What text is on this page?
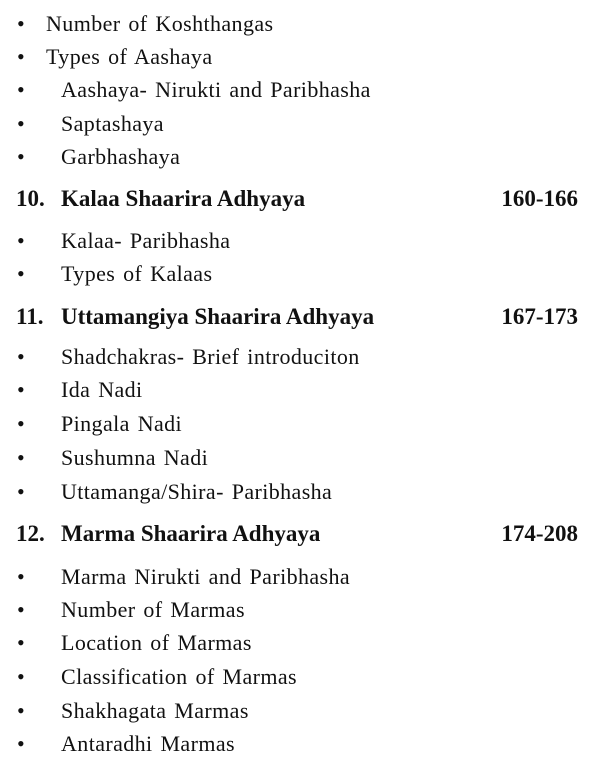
• Number of Koshthangas
• Types of Aashaya
• Aashaya- Nirukti and Paribhasha
• Saptashaya
• Garbhashaya
10. Kalaa Shaarira Adhyaya	160-166
• Kalaa- Paribhasha
• Types of Kalaas
11. Uttamangiya Shaarira Adhyaya	167-173
• Shadchakras- Brief introduciton
• Ida Nadi
• Pingala Nadi
• Sushumna Nadi
• Uttamanga/Shira- Paribhasha
12. Marma Shaarira Adhyaya	174-208
• Marma Nirukti and Paribhasha
• Number of Marmas
• Location of Marmas
• Classification of Marmas
• Shakhagata Marmas
• Antaradhi Marmas
